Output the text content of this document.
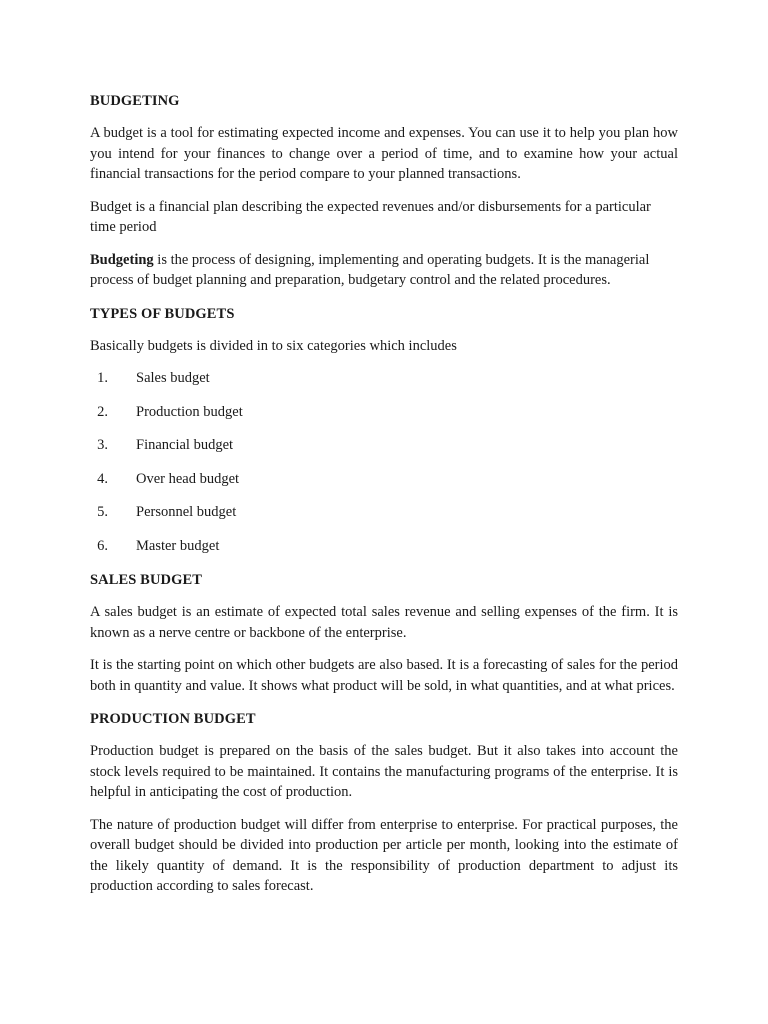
BUDGETING

A budget is a tool for estimating expected income and expenses. You can use it to help you plan how you intend for your finances to change over a period of time, and to examine how your actual financial transactions for the period compare to your planned transactions.

Budget is a financial plan describing the expected revenues and/or disbursements for a particular time period

Budgeting is the process of designing, implementing and operating budgets. It is the managerial process of budget planning and preparation, budgetary control and the related procedures.

TYPES OF BUDGETS

Basically budgets is divided in to six categories which includes

1. Sales budget
2. Production budget
3. Financial budget
4. Over head budget
5. Personnel budget
6. Master budget
SALES BUDGET

A sales budget is an estimate of expected total sales revenue and selling expenses of the firm. It is known as a nerve centre or backbone of the enterprise.

It is the starting point on which other budgets are also based. It is a forecasting of sales for the period both in quantity and value. It shows what product will be sold, in what quantities, and at what prices.

PRODUCTION BUDGET

Production budget is prepared on the basis of the sales budget. But it also takes into account the stock levels required to be maintained. It contains the manufacturing programs of the enterprise. It is helpful in anticipating the cost of production.

The nature of production budget will differ from enterprise to enterprise. For practical purposes, the overall budget should be divided into production per article per month, looking into the estimate of the likely quantity of demand. It is the responsibility of production department to adjust its production according to sales forecast.
